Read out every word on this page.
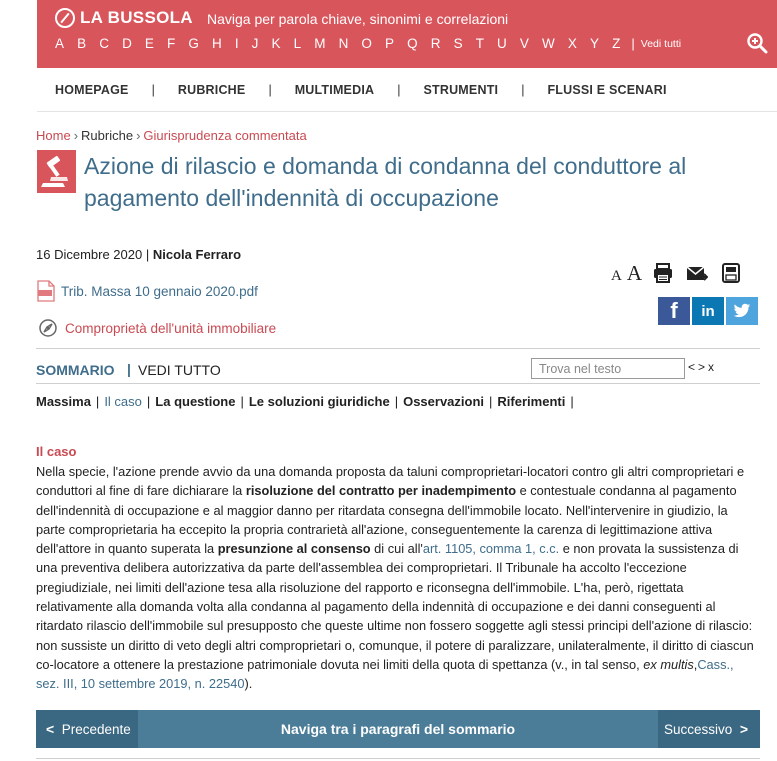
LA BUSSOLA Naviga per parola chiave, sinonimi e correlazioni
A B C D E F G H I J K L M N O P Q R S T U V W X Y Z | Vedi tutti
HOMEPAGE | RUBRICHE | MULTIMEDIA | STRUMENTI | FLUSSI E SCENARI
Home › Rubriche › Giurisprudenza commentata
Azione di rilascio e domanda di condanna del conduttore al pagamento dell'indennità di occupazione
16 Dicembre 2020 | Nicola Ferraro
Trib. Massa 10 gennaio 2020.pdf
Comproprietà dell'unità immobiliare
A A
f	in
SOMMARIO | VEDI TUTTO
Trova nel testo	< > x
Massima | Il caso | La questione | Le soluzioni giuridiche | Osservazioni | Riferimenti |
Il caso

Nella specie, l'azione prende avvio da una domanda proposta da taluni comproprietari-locatori contro gli altri comproprietari e conduttori al fine di fare dichiarare la risoluzione del contratto per inadempimento e contestuale condanna al pagamento dell'indennità di occupazione e al maggior danno per ritardata consegna dell'immobile locato. Nell'intervenire in giudizio, la parte comproprietaria ha eccepito la propria contrarietà all'azione, conseguentemente la carenza di legittimazione attiva dell'attore in quanto superata la presunzione al consenso di cui all'art. 1105, comma 1, c.c. e non provata la sussistenza di una preventiva delibera autorizzativa da parte dell'assemblea dei comproprietari. Il Tribunale ha accolto l'eccezione pregiudiziale, nei limiti dell'azione tesa alla risoluzione del rapporto e riconsegna dell'immobile. L'ha, però, rigettata relativamente alla domanda volta alla condanna al pagamento della indennità di occupazione e dei danni conseguenti al ritardato rilascio dell'immobile sul presupposto che queste ultime non fossero soggette agli stessi principi dell'azione di rilascio: non sussiste un diritto di veto degli altri comproprietari o, comunque, il potere di paralizzare, unilateralmente, il diritto di ciascun co-locatore a ottenere la prestazione patrimoniale dovuta nei limiti della quota di spettanza (v., in tal senso, ex multis,Cass., sez. III, 10 settembre 2019, n. 22540).

<
Precedente	Naviga tra i paragrafi del sommario	Successivo
>
